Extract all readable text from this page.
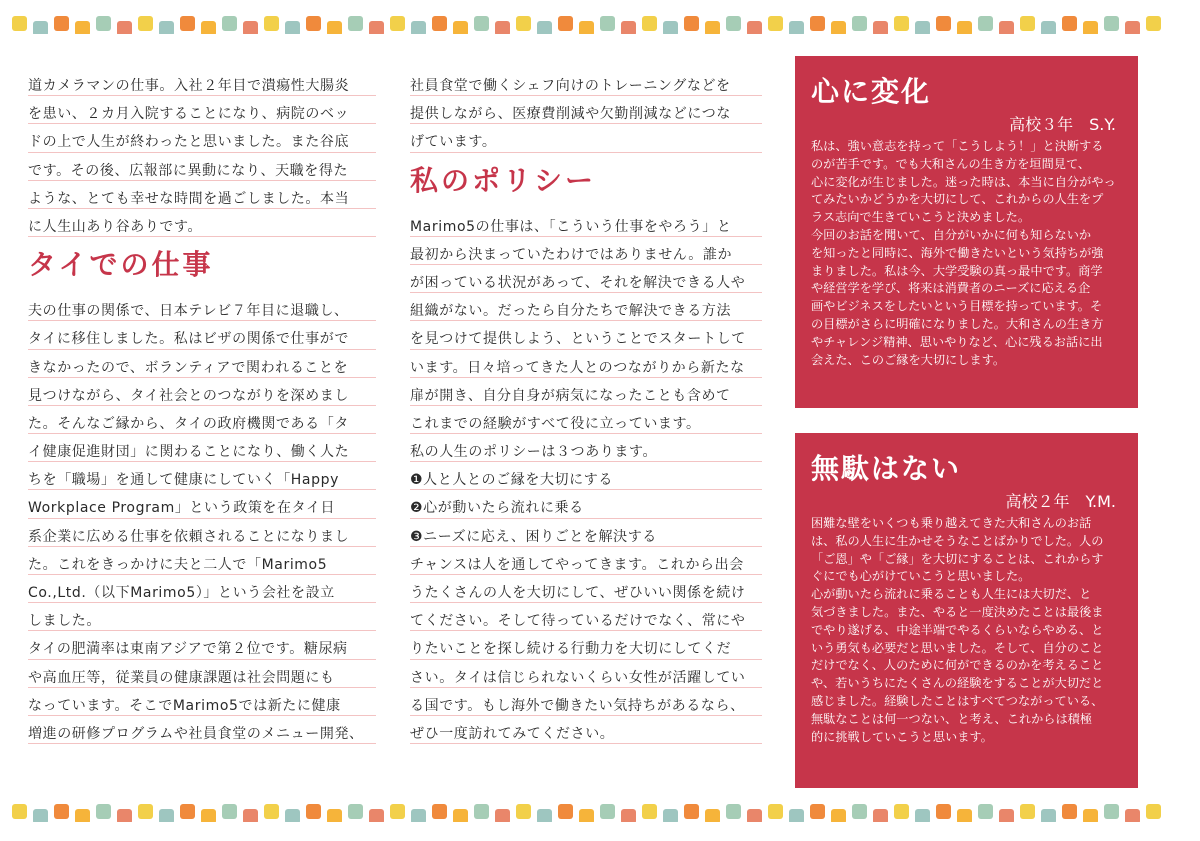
道カメラマンの仕事。入社２年目で潰瘍性大腸炎
を患い、２カ月入院することになり、病院のベッ
ドの上で人生が終わったと思いました。また谷底
です。その後、広報部に異動になり、天職を得た
ような、とても幸せな時間を過ごしました。本当
に人生山あり谷ありです。
タイでの仕事
夫の仕事の関係で、日本テレビ７年目に退職し、
タイに移住しました。私はビザの関係で仕事がで
きなかったので、ボランティアで関われることを
見つけながら、タイ社会とのつながりを深めまし
た。そんなご縁から、タイの政府機関である「タ
イ健康促進財団」に関わることになり、働く人た
ちを「職場」を通して健康にしていく「Happy
Workplace Program」という政策を在タイ日
系企業に広める仕事を依頼されることになりまし
た。これをきっかけに夫と二人で「Marimo5
Co.,Ltd.（以下Marimo5）」という会社を設立
しました。
タイの肥満率は東南アジアで第２位です。糖尿病
や高血圧等，従業員の健康課題は社会問題にも
なっています。そこでMarimo5では新たに健康
増進の研修プログラムや社員食堂のメニュー開発、
社員食堂で働くシェフ向けのトレーニングなどを
提供しながら、医療費削減や欠勤削減などにつな
げています。
私のポリシー
Marimo5の仕事は、「こういう仕事をやろう」と
最初から決まっていたわけではありません。誰か
が困っている状況があって、それを解決できる人や
組織がない。だったら自分たちで解決できる方法
を見つけて提供しよう、ということでスタートして
います。日々培ってきた人とのつながりから新たな
扉が開き、自分自身が病気になったことも含めて
これまでの経験がすべて役に立っています。
私の人生のポリシーは３つあります。
❶人と人とのご縁を大切にする
❷心が動いたら流れに乗る
❸ニーズに応え、困りごとを解決する
チャンスは人を通してやってきます。これから出会
うたくさんの人を大切にして、ぜひいい関係を続け
てください。そして待っているだけでなく、常にや
りたいことを探し続ける行動力を大切にしてくだ
さい。タイは信じられないくらい女性が活躍してい
る国です。もし海外で働きたい気持ちがあるなら、
ぜひ一度訪れてみてください。
心に変化
高校３年　S.Y.
私は、強い意志を持って「こうしよう！」と決断する
のが苦手です。でも大和さんの生き方を垣間見て、
心に変化が生じました。迷った時は、本当に自分がやっ
てみたいかどうかを大切にして、これからの人生をプ
ラス志向で生きていこうと決めました。
今回のお話を聞いて、自分がいかに何も知らないか
を知ったと同時に、海外で働きたいという気持ちが強
まりました。私は今、大学受験の真っ最中です。商学
や経営学を学び、将来は消費者のニーズに応える企
画やビジネスをしたいという目標を持っています。そ
の目標がさらに明確になりました。大和さんの生き方
やチャレンジ精神、思いやりなど、心に残るお話に出
会えた、このご縁を大切にします。
無駄はない
高校２年　Y.M.
困難な壁をいくつも乗り越えてきた大和さんのお話
は、私の人生に生かせそうなことばかりでした。人の
「ご恩」や「ご縁」を大切にすることは、これからす
ぐにでも心がけていこうと思いました。
心が動いたら流れに乗ることも人生には大切だ、と
気づきました。また、やると一度決めたことは最後ま
でやり遂げる、中途半端でやるくらいならやめる、と
いう勇気も必要だと思いました。そして、自分のこと
だけでなく、人のために何ができるのかを考えること
や、若いうちにたくさんの経験をすることが大切だと
感じました。経験したことはすべてつながっている、
無駄なことは何一つない、と考え、これからは積極
的に挑戦していこうと思います。
